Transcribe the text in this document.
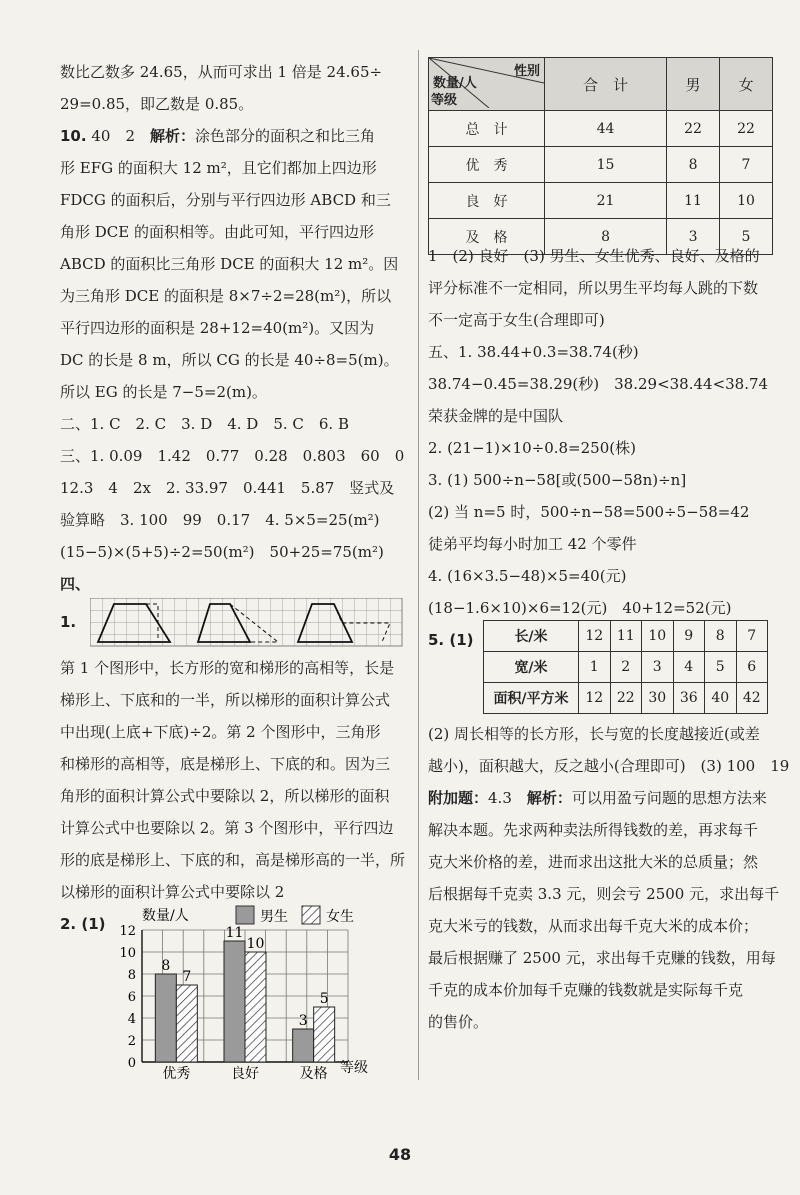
数比乙数多 24.65，从而可求出 1 倍是 24.65÷
29=0.85，即乙数是 0.85。
10. 40　2　解析：涂色部分的面积之和比三角
形 EFG 的面积大 12 m²，且它们都加上四边形
FDCG 的面积后，分别与平行四边形 ABCD 和三
角形 DCE 的面积相等。由此可知，平行四边形
ABCD 的面积比三角形 DCE 的面积大 12 m²。因
为三角形 DCE 的面积是 8×7÷2=28(m²)，所以
平行四边形的面积是 28+12=40(m²)。又因为
DC 的长是 8 m，所以 CG 的长是 40÷8=5(m)。
所以 EG 的长是 7−5=2(m)。
二、1. C　2. C　3. D　4. D　5. C　6. B
三、1. 0.09　1.42　0.77　0.28　0.803　60　0
12.3　4　2x　2. 33.97　0.441　5.87　竖式及
验算略　3. 100　99　0.17　4. 5×5=25(m²)
(15−5)×(5+5)÷2=50(m²)　50+25=75(m²)
四、
1.
第 1 个图形中，长方形的宽和梯形的高相等，长是
梯形上、下底和的一半，所以梯形的面积计算公式
中出现(上底+下底)÷2。第 2 个图形中，三角形
和梯形的高相等，底是梯形上、下底的和。因为三
角形的面积计算公式中要除以 2，所以梯形的面积
计算公式中也要除以 2。第 3 个图形中，平行四边
形的底是梯形上、下底的和，高是梯形高的一半，所
以梯形的面积计算公式中要除以 2
2. (1)
0
2
4
6
8
10
12
8
7
优秀
11
10
良好
3
5
及格
数量/人	男生	女生
等级
性别
数量/人
等级	合　计	男	女
总　计	44	22	22
优　秀	15	8	7
良　好	21	11	10
及　格	8	3	5
1　(2) 良好　(3) 男生、女生优秀、良好、及格的
评分标准不一定相同，所以男生平均每人跳的下数
不一定高于女生(合理即可)
五、1. 38.44+0.3=38.74(秒)
38.74−0.45=38.29(秒)　38.29<38.44<38.74
荣获金牌的是中国队
2. (21−1)×10÷0.8=250(株)
3. (1) 500÷n−58[或(500−58n)÷n]
(2) 当 n=5 时，500÷n−58=500÷5−58=42
徒弟平均每小时加工 42 个零件
4. (16×3.5−48)×5=40(元)
(18−1.6×10)×6=12(元)　40+12=52(元)
5. (1)
(2) 周长相等的长方形，长与宽的长度越接近(或差
越小)，面积越大，反之越小(合理即可)　(3) 100　19
附加题：4.3　解析：可以用盈亏问题的思想方法来
解决本题。先求两种卖法所得钱数的差，再求每千
克大米价格的差，进而求出这批大米的总质量；然
后根据每千克卖 3.3 元，则会亏 2500 元，求出每千
克大米亏的钱数，从而求出每千克大米的成本价；
最后根据赚了 2500 元，求出每千克赚的钱数，用每
千克的成本价加每千克赚的钱数就是实际每千克
的售价。
长/米	12	11	10	9	8	7
宽/米	1	2	3	4	5	6
面积/平方米	12	22	30	36	40	42
48
